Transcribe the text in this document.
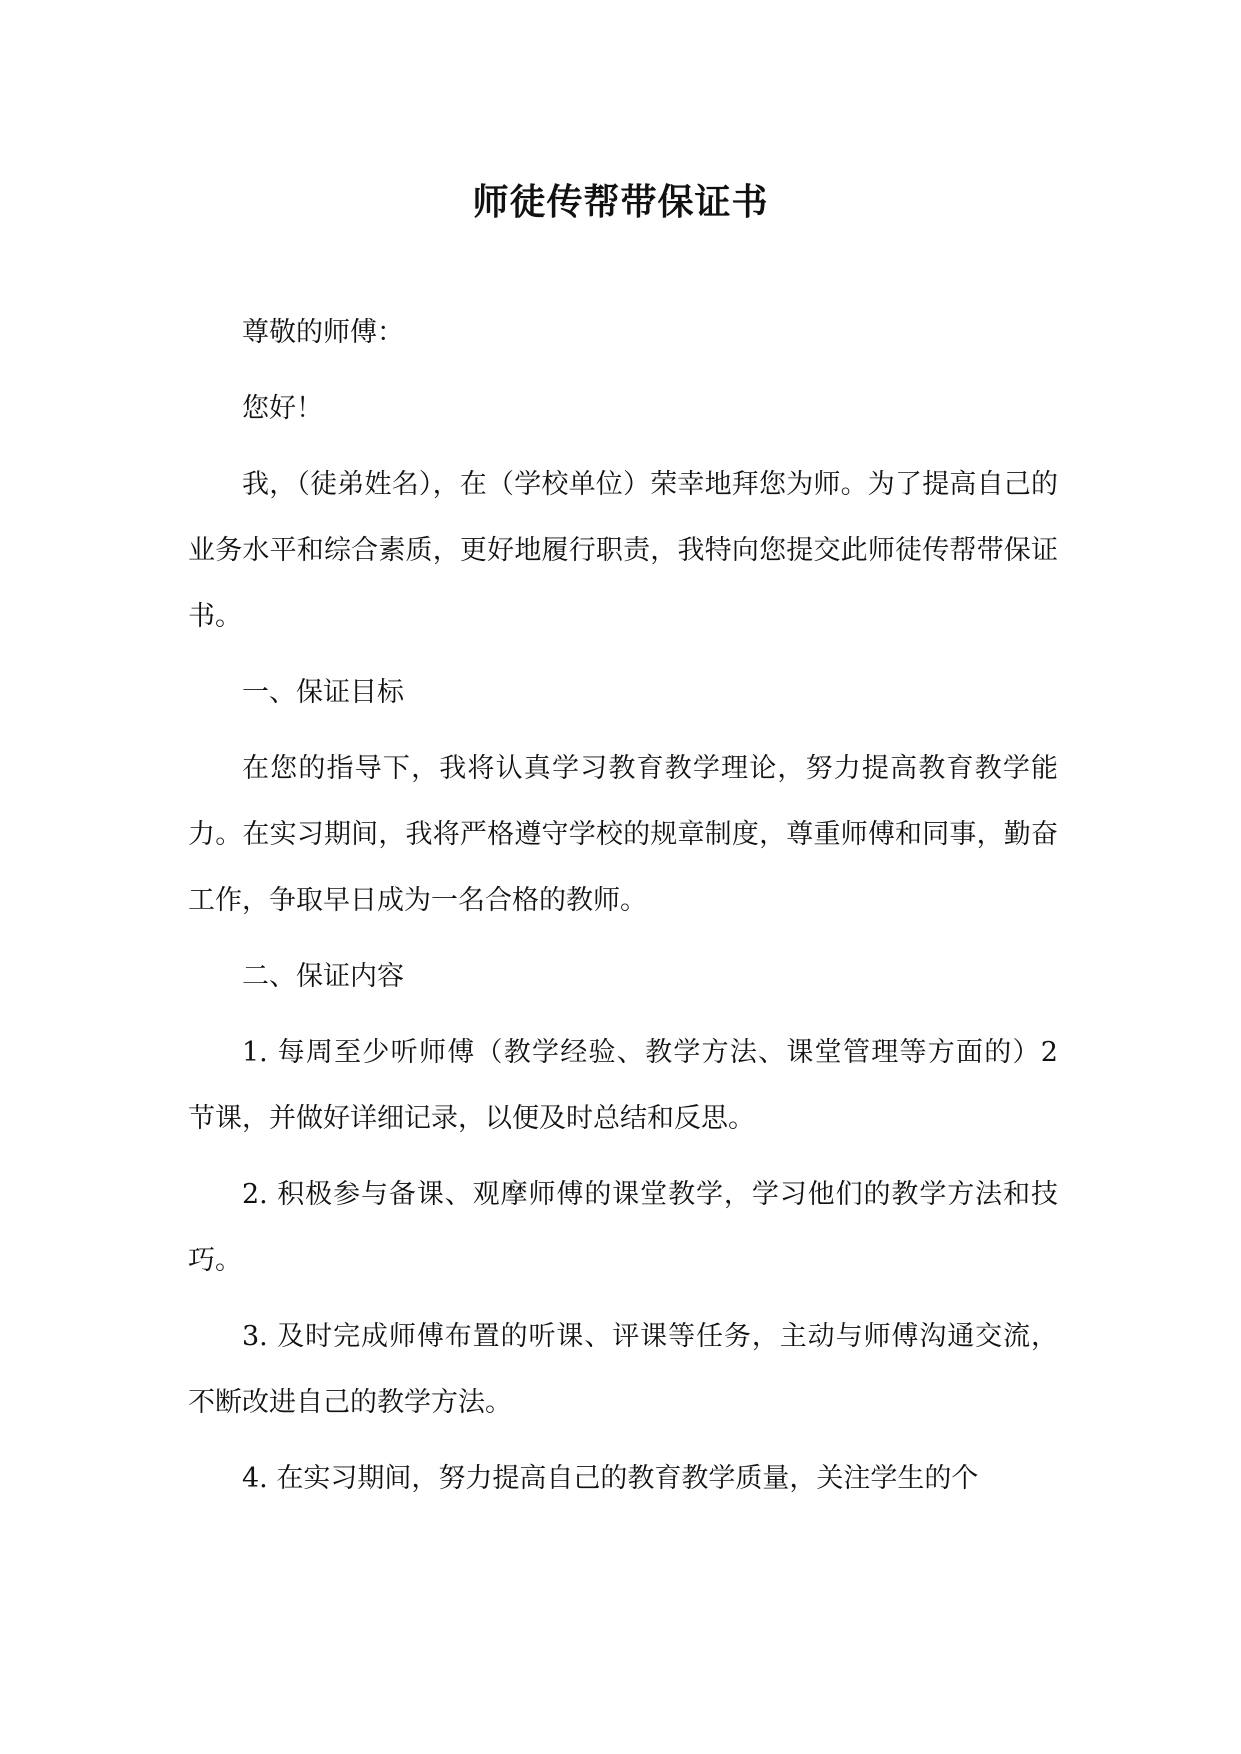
师徒传帮带保证书

尊敬的师傅：

您好！

我，（徒弟姓名），在（学校单位）荣幸地拜您为师。为了提高自己的业务水平和综合素质，更好地履行职责，我特向您提交此师徒传帮带保证书。

一、保证目标

在您的指导下，我将认真学习教育教学理论，努力提高教育教学能力。在实习期间，我将严格遵守学校的规章制度，尊重师傅和同事，勤奋工作，争取早日成为一名合格的教师。

二、保证内容

1. 每周至少听师傅（教学经验、教学方法、课堂管理等方面的）2 节课，并做好详细记录，以便及时总结和反思。

2. 积极参与备课、观摩师傅的课堂教学，学习他们的教学方法和技巧。

3. 及时完成师傅布置的听课、评课等任务，主动与师傅沟通交流，不断改进自己的教学方法。

4. 在实习期间，努力提高自己的教育教学质量，关注学生的个
